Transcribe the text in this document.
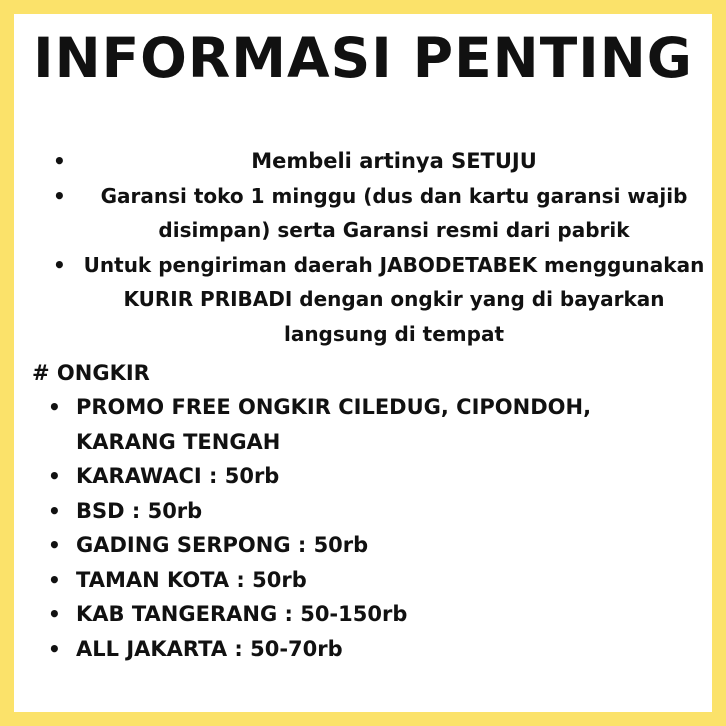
INFORMASI PENTING
•	Membeli artinya SETUJU
•	Garansi toko 1 minggu (dus dan kartu garansi wajib disimpan) serta Garansi resmi dari pabrik
• Untuk pengiriman daerah JABODETABEK menggunakan KURIR PRIBADI dengan ongkir yang di bayarkan langsung di tempat

# ONGKIR

• PROMO FREE ONGKIR CILEDUG, CIPONDOH, KARANG TENGAH
• KARAWACI : 50rb
• BSD : 50rb
• GADING SERPONG : 50rb
• TAMAN KOTA : 50rb
• KAB TANGERANG : 50-150rb
• ALL JAKARTA : 50-70rb
